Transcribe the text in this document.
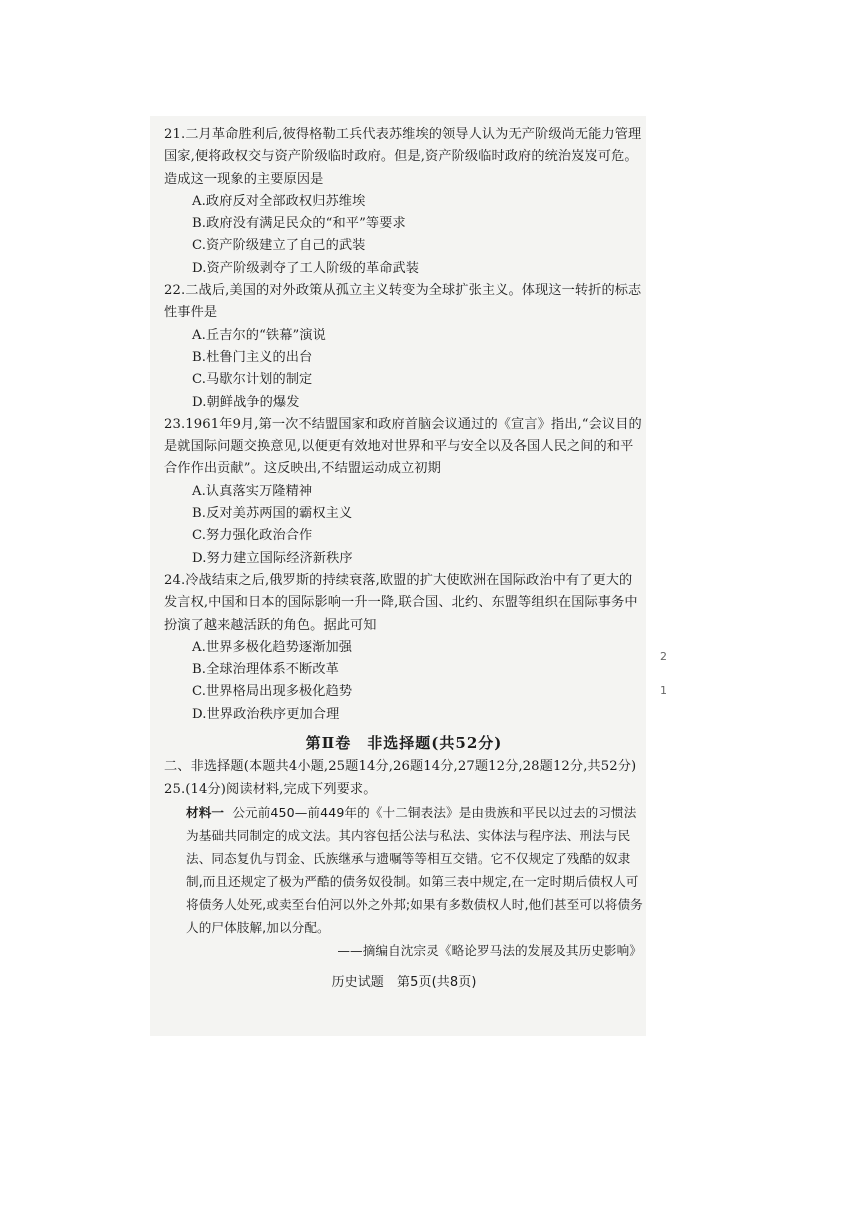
21.二月革命胜利后,彼得格勒工兵代表苏维埃的领导人认为无产阶级尚无能力管理国家,便将政权交与资产阶级临时政府。但是,资产阶级临时政府的统治岌岌可危。造成这一现象的主要原因是
A.政府反对全部政权归苏维埃
B.政府没有满足民众的“和平”等要求
C.资产阶级建立了自己的武装
D.资产阶级剥夺了工人阶级的革命武装
22.二战后,美国的对外政策从孤立主义转变为全球扩张主义。体现这一转折的标志性事件是
A.丘吉尔的“铁幕”演说
B.杜鲁门主义的出台
C.马歇尔计划的制定
D.朝鲜战争的爆发
23.1961年9月,第一次不结盟国家和政府首脑会议通过的《宣言》指出,“会议目的是就国际问题交换意见,以便更有效地对世界和平与安全以及各国人民之间的和平合作作出贡献”。这反映出,不结盟运动成立初期
A.认真落实万隆精神
B.反对美苏两国的霸权主义
C.努力强化政治合作
D.努力建立国际经济新秩序
24.冷战结束之后,俄罗斯的持续衰落,欧盟的扩大使欧洲在国际政治中有了更大的发言权,中国和日本的国际影响一升一降,联合国、北约、东盟等组织在国际事务中扮演了越来越活跃的角色。据此可知
A.世界多极化趋势逐渐加强
B.全球治理体系不断改革
C.世界格局出现多极化趋势
D.世界政治秩序更加合理
第Ⅱ卷　非选择题(共52分)
二、非选择题(本题共4小题,25题14分,26题14分,27题12分,28题12分,共52分)
25.(14分)阅读材料,完成下列要求。
材料一 公元前450—前449年的《十二铜表法》是由贵族和平民以过去的习惯法为基础共同制定的成文法。其内容包括公法与私法、实体法与程序法、刑法与民法、同态复仇与罚金、氏族继承与遗嘱等等相互交错。它不仅规定了残酷的奴隶制,而且还规定了极为严酷的债务奴役制。如第三表中规定,在一定时期后债权人可将债务人处死,或卖至台伯河以外之外邦;如果有多数债权人时,他们甚至可以将债务人的尸体肢解,加以分配。
——摘编自沈宗灵《略论罗马法的发展及其历史影响》
历史试题　第5页(共8页)
2
1
